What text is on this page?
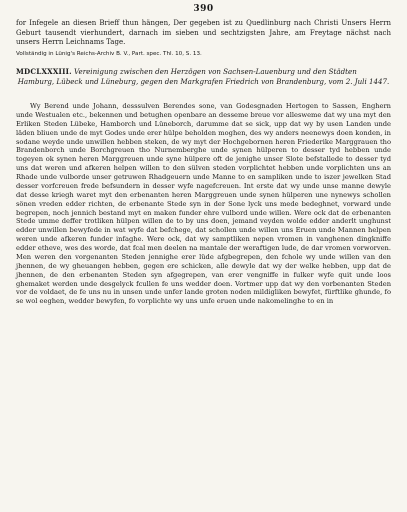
390
for Infegele an diesen Brieff thun hängen, Der gegeben ist zu Quedlinburg nach Christi Unsers Herrn Geburt tausendt vierhundert, darnach im sieben und sechtzigsten Jahre, am Freytage nächst nach unsers Herrn Leichnams Tage.
Vollständig in Lünig's Reichs-Archiv B. V., Part. spec. Thl. 10, S. 13.
MDCLXXXIII. Vereinigung zwischen den Herzögen von Sachsen-Lauenburg und den Städten
Hamburg, Lübeck und Lüneburg, gegen den Markgrafen Friedrich von Brandenburg, vom 2. Juli 1447.

Wy Berend unde Johann, desssulven Berendes sone, van Godesgnaden Hertogen to Sassen, Enghern unde Westualen etc., bekennen und betughen openbare an desseme breue vor allesweme dat wy una myt den Erliken Steden Lübeke, Hamborch und Lüneborch, darumme dat se sick, upp dat wy by usen Landen unde läden bliuen unde de myt Godes unde erer hülpe beholden moghen, des wy anders neenewys doen konden, in sodane weyde unde unwillen hebben steken, de wy myt der Hochgebornen heren Friederike Marggrauen tho Brandenborch unde Borchgreuen tho Nurnemberghe unde synen hülperen to desser tyd hebben unde togeyen ok synen heren Marggreuen unde syne hülpere oft de jenighe unser Slote befstallede to desser tyd uns dat weren und afkeren helpen willen to den sülven steden vorplichtet hebben unde vorplichten uns an Rhade unde vulborde unser getruwen Rhadgeuern unde Manne to en sampliken unde to iszer jewelken Stad desser vorfcreuen frede befsundern in desser wyfe nagefcreuen. Int erste dat wy unde unse manne dewyle dat desse kriegh waret myt den erbenanten heren Marggreuen unde synen hülperen une nynewys schollen sönen vreden edder richten, de erbenante Stede syn in der Sone lyck uns mede bedeghnet, vorward unde begrepen, noch jennich bestand myt en maken funder ehre vulbord unde willen. Were ock dat de erbenanten Stede umme deffer trotliken hülpen willen de to by uns doen, jemand veyden wolde edder anderlt unghunst edder unwillen bewyfede in wat wyfe dat befchege, dat schollen unde willen uns Eruen unde Mannen helpen weren unde afkeren funder infaghe. Were ock, dat wy samptliken nepen vromen in vanghenen dingkniffe edder etheve, wes des worde, dat fcal men deelen na mantale der weraftigen lude, de dar vromen vorworven. Men weren den vorgenanten Steden jennighe erer lüde afgbegrepen, den fchole wy unde willen van den jhennen, de wy gheuangen hebben, gegen ere schicken, alle dewyle dat wy der welke hebben, upp dat de jhennen, de den erbenanten Steden syn afgegrepen, van erer vengniffe in fulker wyfe quit unde loos ghemaket werden unde desgelyck fcullen fe uns wedder doen. Vortmer upp dat wy den vorbenanten Steden vor de voldaet, de fe uns nu in unsen unde unfer lande groten noden mildigliken bewyfet, fürftlike ghunde, fo se wol eeghen, wedder bewyfen, fo vorplichte wy uns unfe eruen unde nakomelinghe to en in
